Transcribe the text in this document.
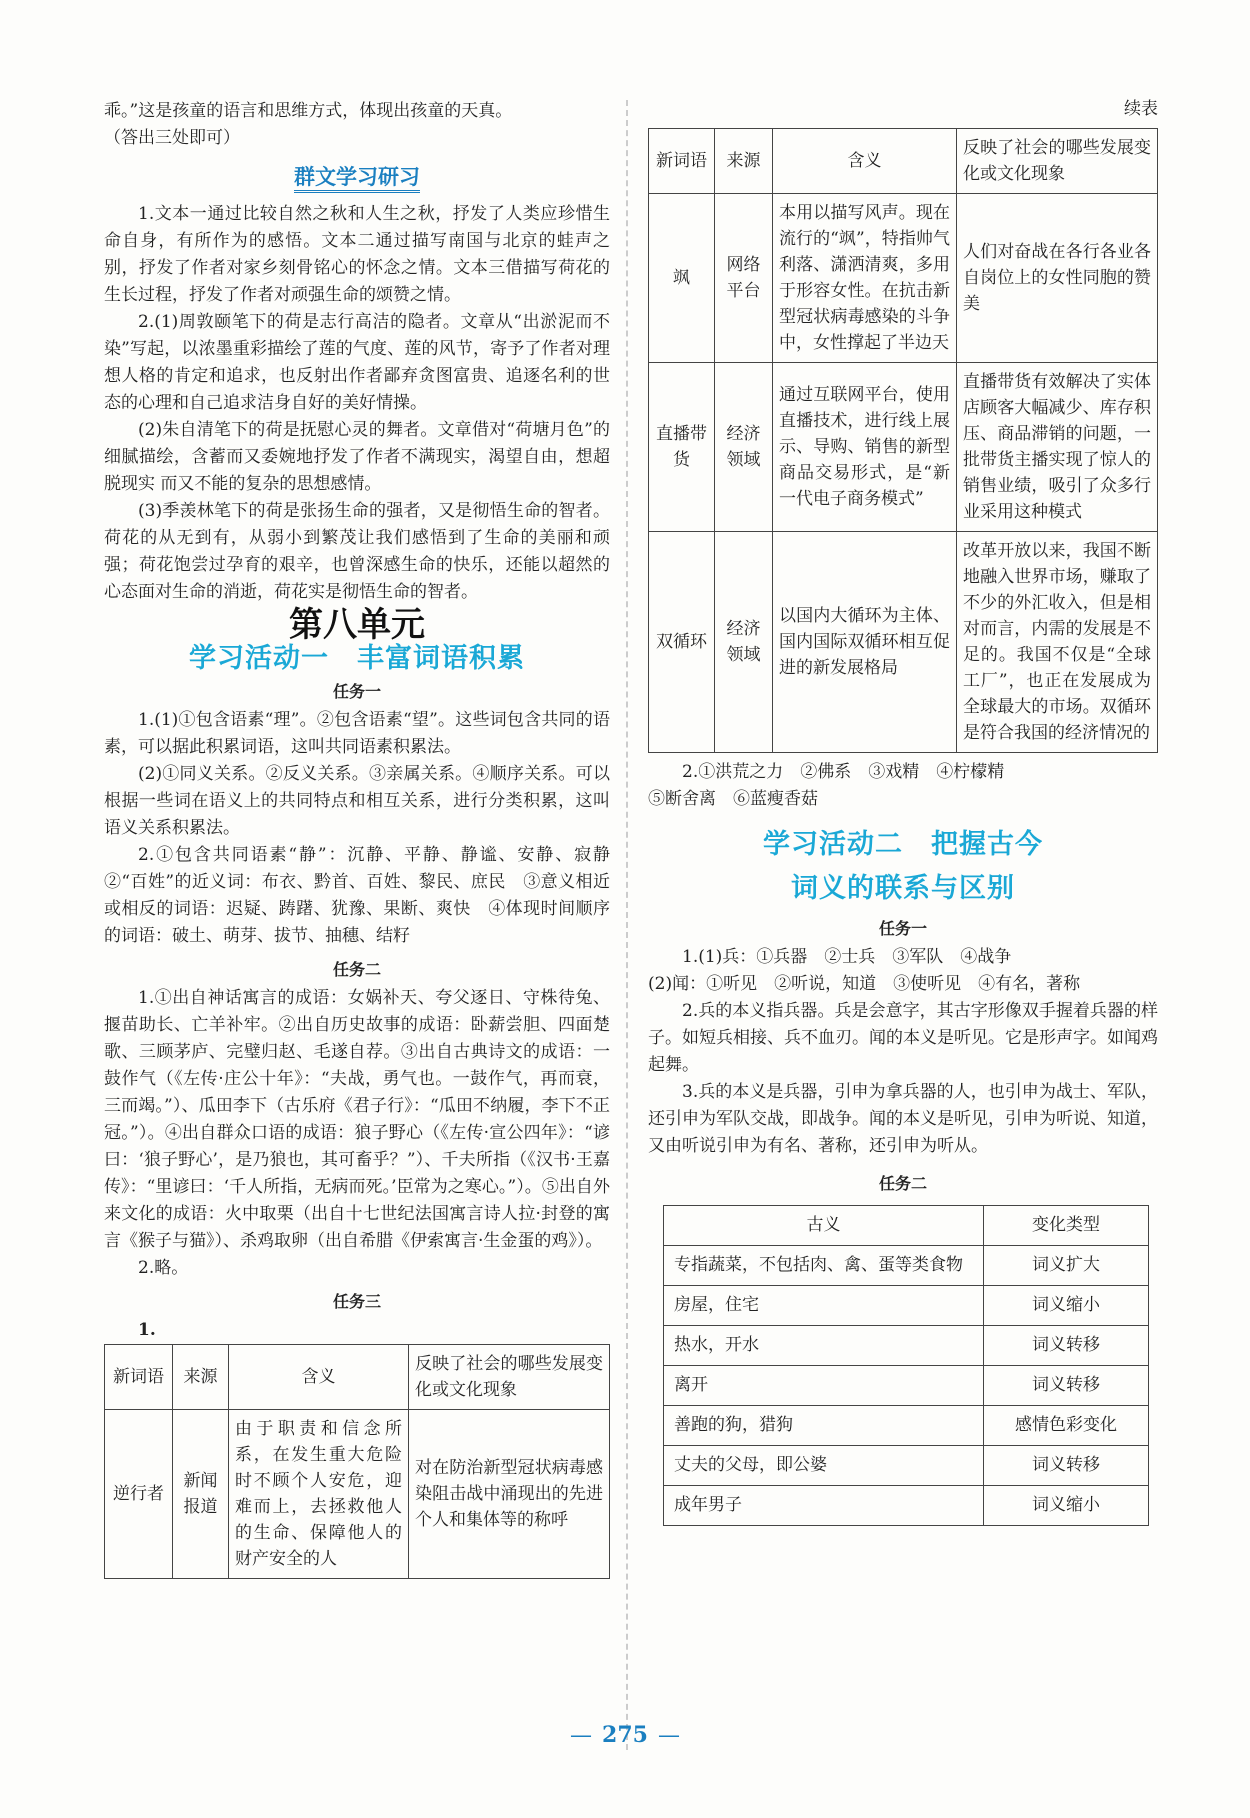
乖。”这是孩童的语言和思维方式，体现出孩童的天真。

（答出三处即可）

群文学习研习

1.文本一通过比较自然之秋和人生之秋，抒发了人类应珍惜生命自身，有所作为的感悟。文本二通过描写南国与北京的蛙声之别，抒发了作者对家乡刻骨铭心的怀念之情。文本三借描写荷花的生长过程，抒发了作者对顽强生命的颂赞之情。

2.(1)周敦颐笔下的荷是志行高洁的隐者。文章从“出淤泥而不染”写起，以浓墨重彩描绘了莲的气度、莲的风节，寄予了作者对理想人格的肯定和追求，也反射出作者鄙弃贪图富贵、追逐名利的世态的心理和自己追求洁身自好的美好情操。

(2)朱自清笔下的荷是抚慰心灵的舞者。文章借对“荷塘月色”的细腻描绘，含蓄而又委婉地抒发了作者不满现实，渴望自由，想超脱现实 而又不能的复杂的思想感情。

(3)季羡林笔下的荷是张扬生命的强者，又是彻悟生命的智者。荷花的从无到有，从弱小到繁茂让我们感悟到了生命的美丽和顽强；荷花饱尝过孕育的艰辛，也曾深感生命的快乐，还能以超然的心态面对生命的消逝，荷花实是彻悟生命的智者。

第八单元
学习活动一　丰富词语积累
任务一

1.(1)①包含语素“理”。②包含语素“望”。这些词包含共同的语素，可以据此积累词语，这叫共同语素积累法。

(2)①同义关系。②反义关系。③亲属关系。④顺序关系。可以根据一些词在语义上的共同特点和相互关系，进行分类积累，这叫语义关系积累法。

2.①包含共同语素“静”：沉静、平静、静谧、安静、寂静　②“百姓”的近义词：布衣、黔首、百姓、黎民、庶民　③意义相近或相反的词语：迟疑、踌躇、犹豫、果断、爽快　④体现时间顺序的词语：破土、萌芽、拔节、抽穗、结籽

任务二

1.①出自神话寓言的成语：女娲补天、夸父逐日、守株待兔、揠苗助长、亡羊补牢。②出自历史故事的成语：卧薪尝胆、四面楚歌、三顾茅庐、完璧归赵、毛遂自荐。③出自古典诗文的成语：一鼓作气（《左传·庄公十年》：“夫战，勇气也。一鼓作气，再而衰，三而竭。”）、瓜田李下（古乐府《君子行》：“瓜田不纳履，李下不正冠。”）。④出自群众口语的成语：狼子野心（《左传·宣公四年》：“谚曰：‘狼子野心’，是乃狼也，其可畜乎？”）、千夫所指（《汉书·王嘉传》：“里谚曰：‘千人所指，无病而死。’臣常为之寒心。”）。⑤出自外来文化的成语：火中取栗（出自十七世纪法国寓言诗人拉·封登的寓言《猴子与猫》）、杀鸡取卵（出自希腊《伊索寓言·生金蛋的鸡》）。

2.略。

任务三

1.

新词语	来源	含义	反映了社会的哪些发展变化或文化现象
逆行者	新闻报道	由于职责和信念所系，在发生重大危险时不顾个人安危，迎难而上，去拯救他人的生命、保障他人的财产安全的人	对在防治新型冠状病毒感染阻击战中涌现出的先进个人和集体等的称呼
续表
新词语	来源	含义	反映了社会的哪些发展变化或文化现象
飒	网络平台	本用以描写风声。现在流行的“飒”，特指帅气利落、潇洒清爽，多用于形容女性。在抗击新型冠状病毒感染的斗争中，女性撑起了半边天	人们对奋战在各行各业各自岗位上的女性同胞的赞美
直播带货	经济领域	通过互联网平台，使用直播技术，进行线上展示、导购、销售的新型商品交易形式，是“新一代电子商务模式”	直播带货有效解决了实体店顾客大幅减少、库存积压、商品滞销的问题，一批带货主播实现了惊人的销售业绩，吸引了众多行业采用这种模式
双循环	经济领域	以国内大循环为主体、国内国际双循环相互促进的新发展格局	改革开放以来，我国不断地融入世界市场，赚取了不少的外汇收入，但是相对而言，内需的发展是不足的。我国不仅是“全球工厂”，也正在发展成为全球最大的市场。双循环是符合我国的经济情况的

2.①洪荒之力　②佛系　③戏精　④柠檬精

⑤断舍离　⑥蓝瘦香菇

学习活动二　把握古今
词义的联系与区别
任务一

1.(1)兵：①兵器　②士兵　③军队　④战争

(2)闻：①听见　②听说，知道　③使听见　④有名，著称

2.兵的本义指兵器。兵是会意字，其古字形像双手握着兵器的样子。如短兵相接、兵不血刃。闻的本义是听见。它是形声字。如闻鸡起舞。

3.兵的本义是兵器，引申为拿兵器的人，也引申为战士、军队，还引申为军队交战，即战争。闻的本义是听见，引申为听说、知道，又由听说引申为有名、著称，还引申为听从。

任务二
古义	变化类型
专指蔬菜，不包括肉、禽、蛋等类食物	词义扩大
房屋，住宅	词义缩小
热水，开水	词义转移
离开	词义转移
善跑的狗，猎狗	感情色彩变化
丈夫的父母，即公婆	词义转移
成年男子	词义缩小
— 275 —
